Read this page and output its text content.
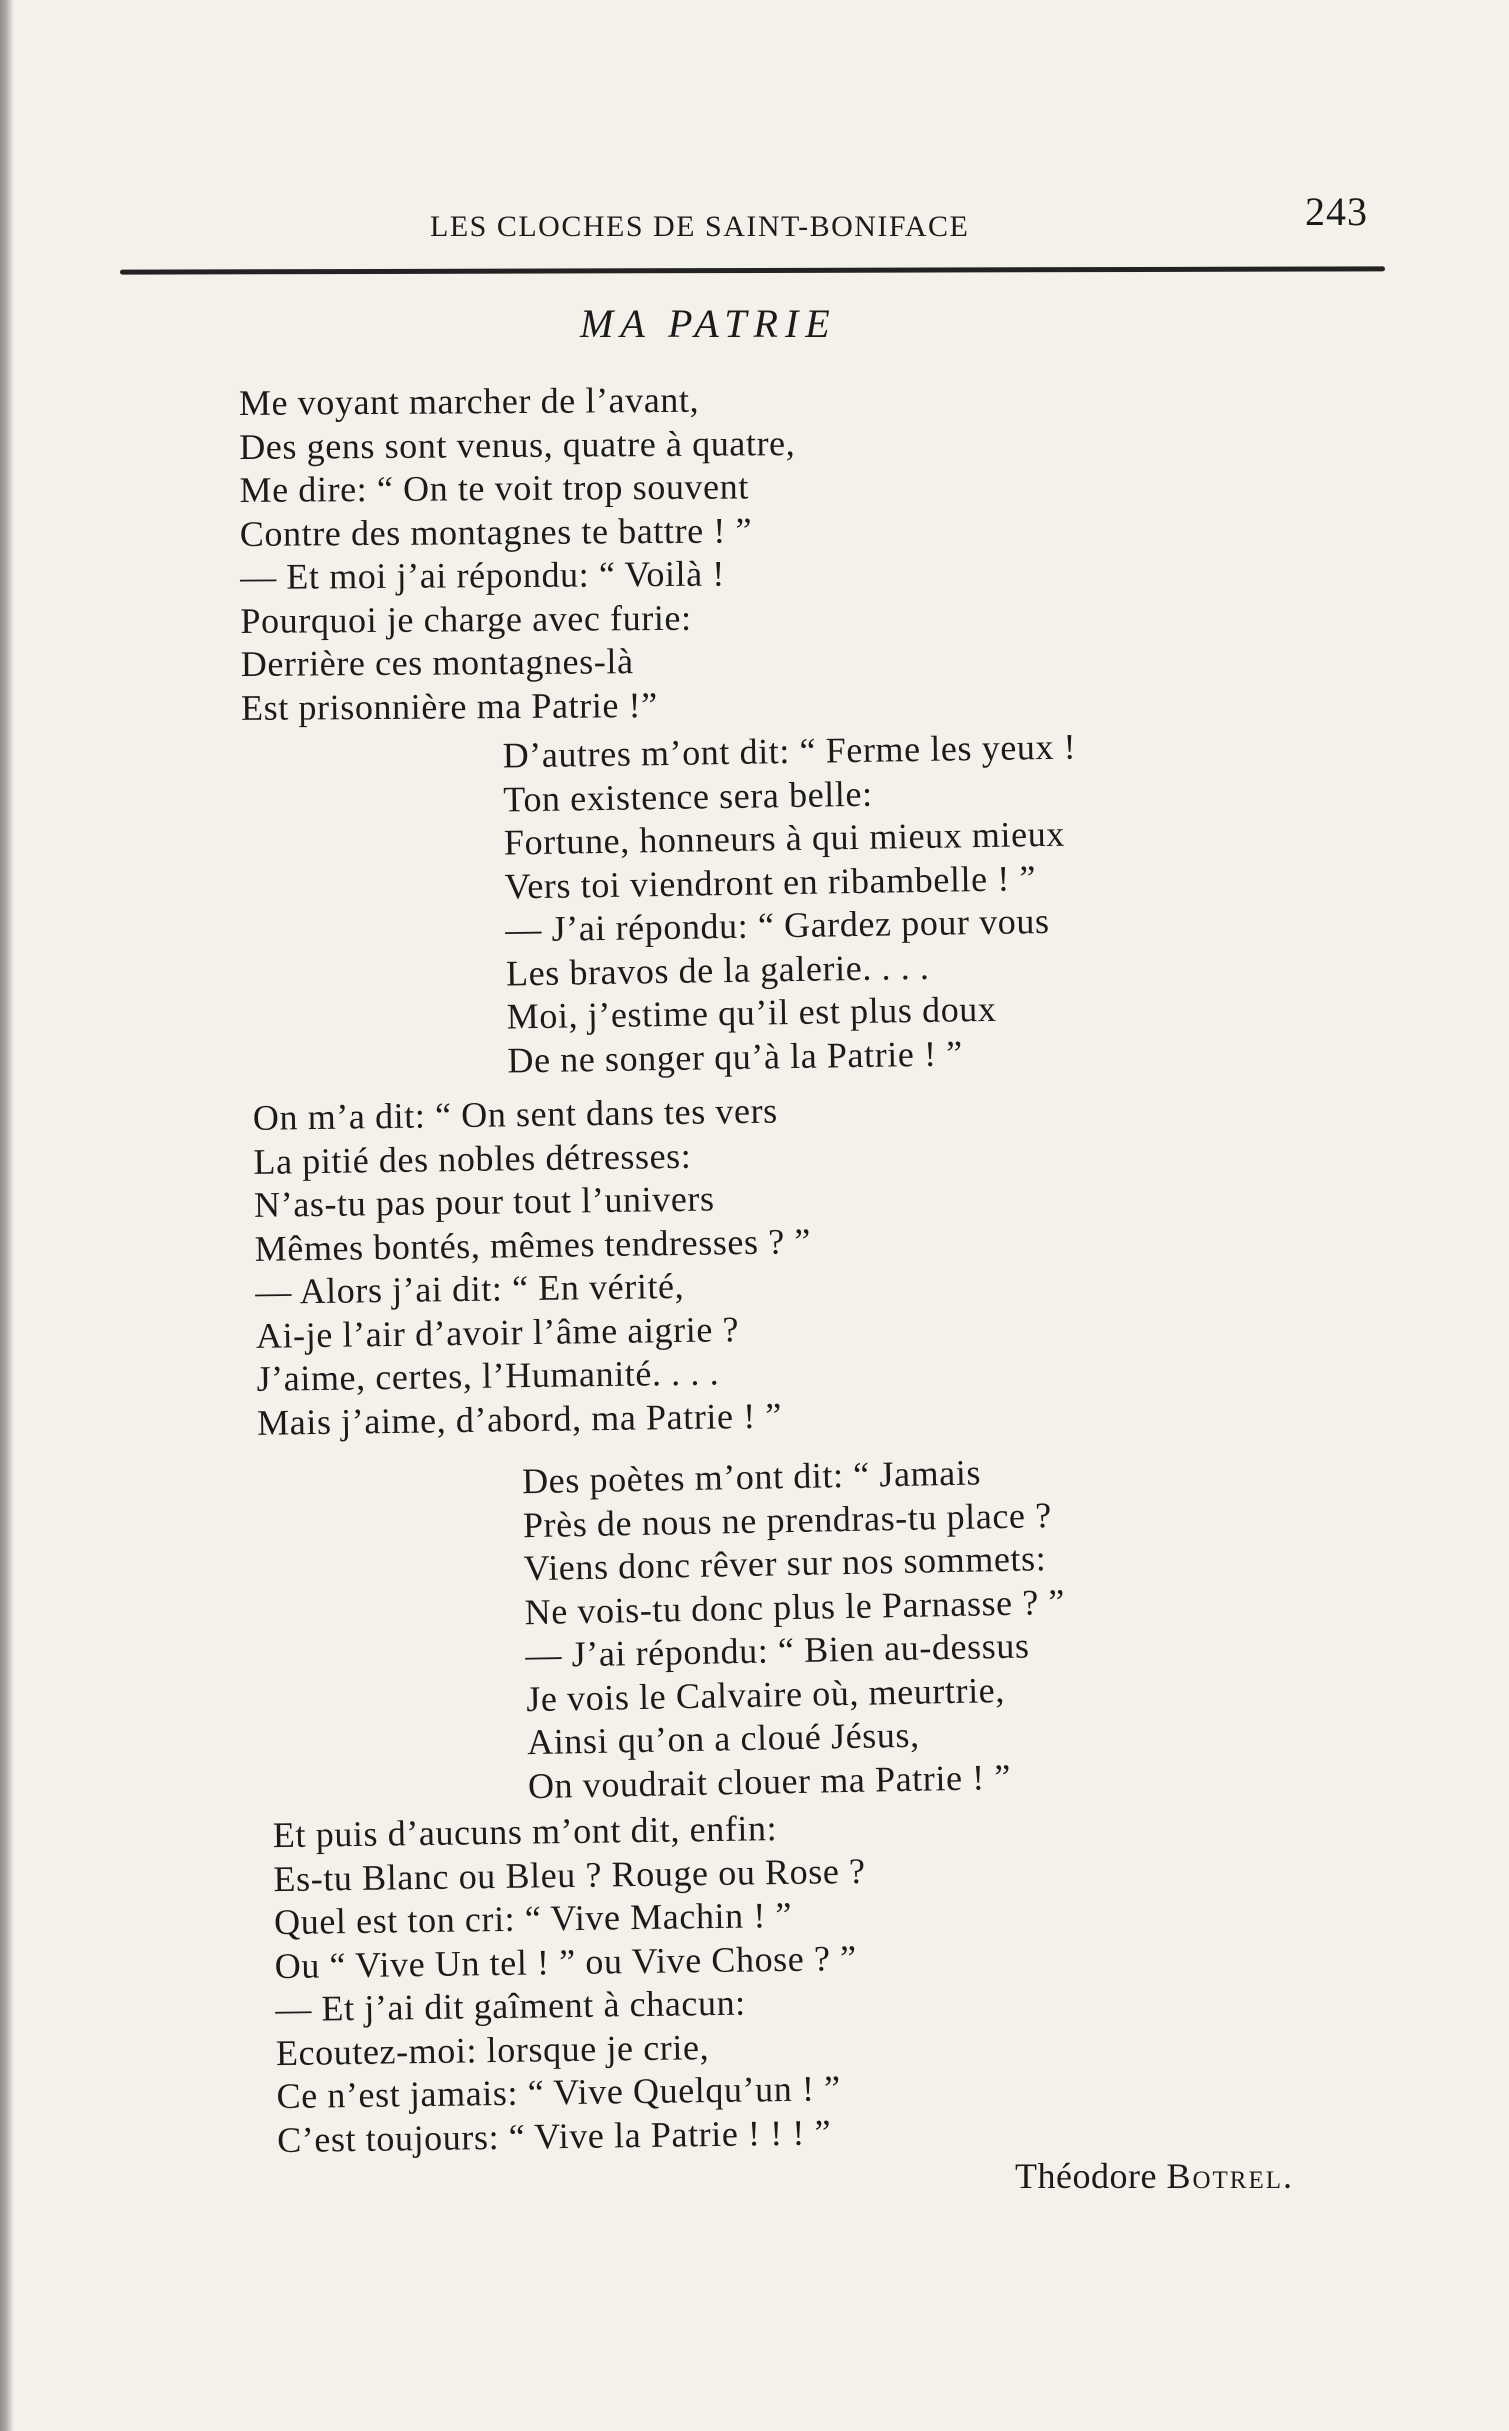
LES CLOCHES DE SAINT-BONIFACE	243
MA PATRIE
Me voyant marcher de l’avant,
Des gens sont venus, quatre à quatre,
Me dire: “ On te voit trop souvent
Contre des montagnes te battre ! ”
— Et moi j’ai répondu: “ Voilà !
Pourquoi je charge avec furie:
Derrière ces montagnes-là
Est prisonnière ma Patrie !”
D’autres m’ont dit: “ Ferme les yeux !
Ton existence sera belle:
Fortune, honneurs à qui mieux mieux
Vers toi viendront en ribambelle ! ”
— J’ai répondu: “ Gardez pour vous
Les bravos de la galerie. . . .
Moi, j’estime qu’il est plus doux
De ne songer qu’à la Patrie ! ”
On m’a dit: “ On sent dans tes vers
La pitié des nobles détresses:
N’as-tu pas pour tout l’univers
Mêmes bontés, mêmes tendresses ? ”
— Alors j’ai dit: “ En vérité,
Ai-je l’air d’avoir l’âme aigrie ?
J’aime, certes, l’Humanité. . . .
Mais j’aime, d’abord, ma Patrie ! ”
Des poètes m’ont dit: “ Jamais
Près de nous ne prendras-tu place ?
Viens donc rêver sur nos sommets:
Ne vois-tu donc plus le Parnasse ? ”
— J’ai répondu: “ Bien au-dessus
Je vois le Calvaire où, meurtrie,
Ainsi qu’on a cloué Jésus,
On voudrait clouer ma Patrie ! ”
Et puis d’aucuns m’ont dit, enfin:
Es-tu Blanc ou Bleu ? Rouge ou Rose ?
Quel est ton cri: “ Vive Machin ! ”
Ou “ Vive Un tel ! ” ou Vive Chose ? ”
— Et j’ai dit gaîment à chacun:
Ecoutez-moi: lorsque je crie,
Ce n’est jamais: “ Vive Quelqu’un ! ”
C’est toujours: “ Vive la Patrie ! ! ! ”
Théodore Botrel.
